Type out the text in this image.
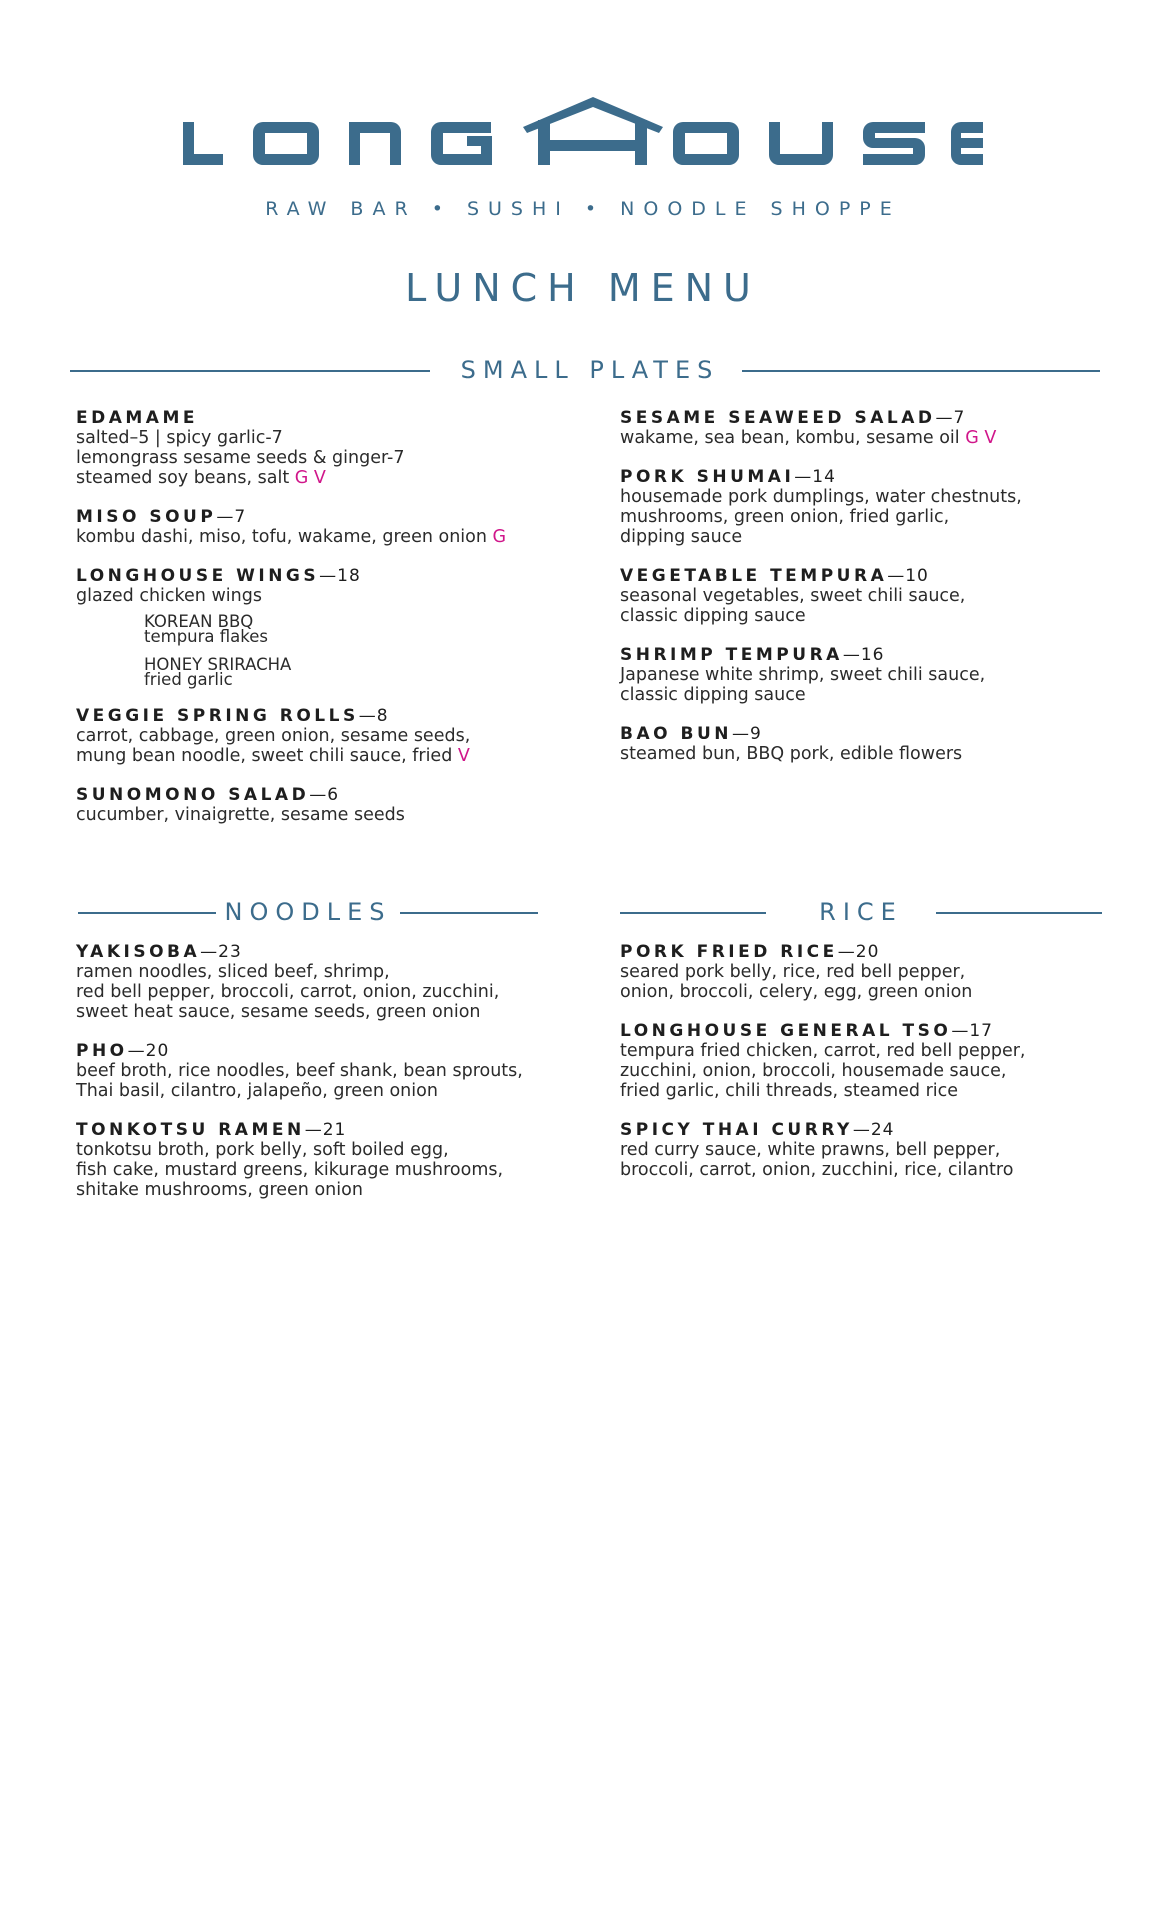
RAW BAR • SUSHI • NOODLE SHOPPE
LUNCH MENU
SMALL PLATES
EDAMAME
salted–5 | spicy garlic-7
lemongrass sesame seeds & ginger-7
steamed soy beans, salt G V
MISO SOUP—7
kombu dashi, miso, tofu, wakame, green onion G
LONGHOUSE WINGS—18
glazed chicken wings
KOREAN BBQ
tempura flakes
HONEY SRIRACHA
fried garlic
VEGGIE SPRING ROLLS—8
carrot, cabbage, green onion, sesame seeds,
mung bean noodle, sweet chili sauce, fried V
SUNOMONO SALAD—6
cucumber, vinaigrette, sesame seeds
SESAME SEAWEED SALAD—7
wakame, sea bean, kombu, sesame oil G V
PORK SHUMAI—14
housemade pork dumplings, water chestnuts,
mushrooms, green onion, fried garlic,
dipping sauce
VEGETABLE TEMPURA—10
seasonal vegetables, sweet chili sauce,
classic dipping sauce
SHRIMP TEMPURA—16
Japanese white shrimp, sweet chili sauce,
classic dipping sauce
BAO BUN—9
steamed bun, BBQ pork, edible flowers
NOODLES
YAKISOBA—23
ramen noodles, sliced beef, shrimp,
red bell pepper, broccoli, carrot, onion, zucchini,
sweet heat sauce, sesame seeds, green onion
PHO—20
beef broth, rice noodles, beef shank, bean sprouts,
Thai basil, cilantro, jalapeño, green onion
TONKOTSU RAMEN—21
tonkotsu broth, pork belly, soft boiled egg,
fish cake, mustard greens, kikurage mushrooms,
shitake mushrooms, green onion
RICE
PORK FRIED RICE—20
seared pork belly, rice, red bell pepper,
onion, broccoli, celery, egg, green onion
LONGHOUSE GENERAL TSO—17
tempura fried chicken, carrot, red bell pepper,
zucchini, onion, broccoli, housemade sauce,
fried garlic, chili threads, steamed rice
SPICY THAI CURRY—24
red curry sauce, white prawns, bell pepper,
broccoli, carrot, onion, zucchini, rice, cilantro
